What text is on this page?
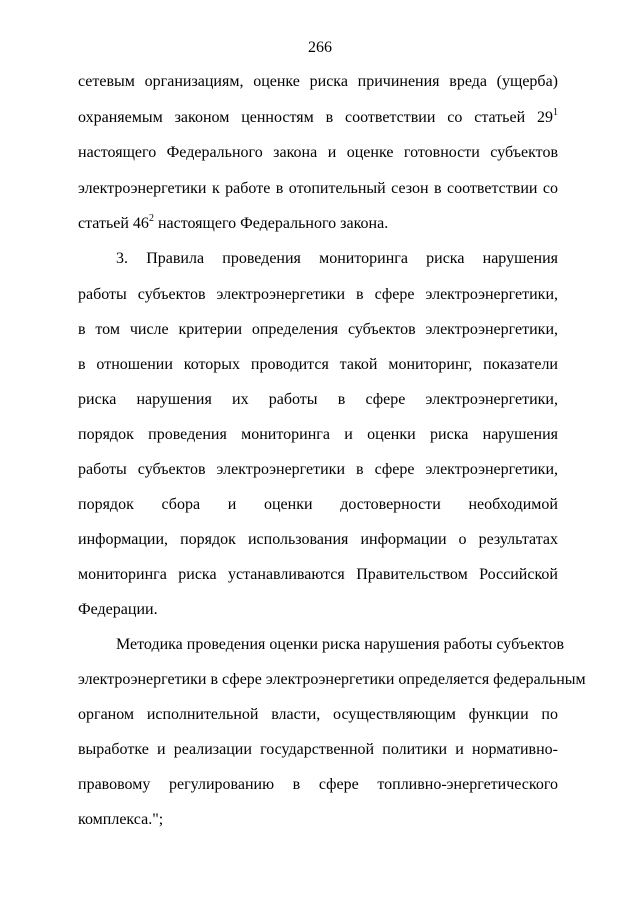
266
сетевым организациям, оценке риска причинения вреда (ущерба)
охраняемым законом ценностям в соответствии со статьей $29^1$
настоящего Федерального закона и оценке готовности субъектов
электроэнергетики к работе в отопительный сезон в соответствии со
статьей $46^2$ настоящего Федерального закона.
3. Правила проведения мониторинга риска нарушения
работы субъектов электроэнергетики в сфере электроэнергетики,
в том числе критерии определения субъектов электроэнергетики,
в отношении которых проводится такой мониторинг, показатели
риска нарушения их работы в сфере электроэнергетики,
порядок проведения мониторинга и оценки риска нарушения
работы субъектов электроэнергетики в сфере электроэнергетики,
порядок сбора и оценки достоверности необходимой
информации, порядок использования информации о результатах
мониторинга риска устанавливаются Правительством Российской
Федерации.
Методика проведения оценки риска нарушения работы субъектов
электроэнергетики в сфере электроэнергетики определяется федеральным
органом исполнительной власти, осуществляющим функции по
выработке и реализации государственной политики и нормативно-
правовому регулированию в сфере топливно-энергетического
комплекса.";
